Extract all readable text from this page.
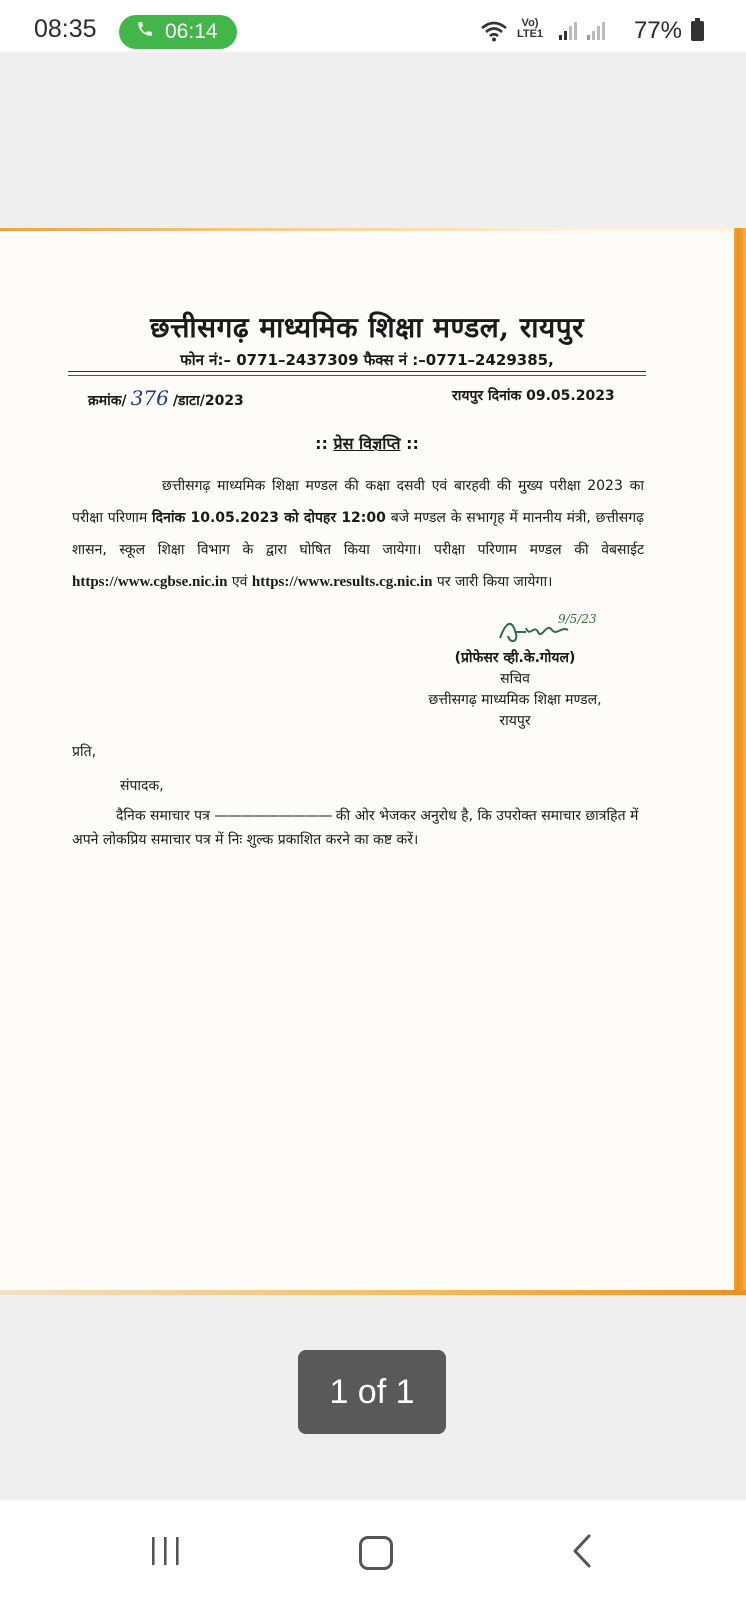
08:35	06:14	Vo) LTE1	77%
छत्तीसगढ़ माध्यमिक शिक्षा मण्डल, रायपुर
फोन नं:– 0771–2437309 फैक्स नं :–0771–2429385,
क्रमांक/ 376 /डाटा/2023	रायपुर दिनांक 09.05.2023
:: प्रेस विज्ञप्ति ::
छत्तीसगढ़ माध्यमिक शिक्षा मण्डल की कक्षा दसवी एवं बारहवी की मुख्य परीक्षा 2023 का परीक्षा परिणाम दिनांक 10.05.2023 को दोपहर 12:00 बजे मण्डल के सभागृह में माननीय मंत्री, छत्तीसगढ़ शासन, स्कूल शिक्षा विभाग के द्वारा घोषित किया जायेगा। परीक्षा परिणाम मण्डल की वेबसाईट https://www.cgbse.nic.in एवं https://www.results.cg.nic.in पर जारी किया जायेगा।
9/5/23
(प्रोफेसर व्ही.के.गोयल)
सचिव
छत्तीसगढ़ माध्यमिक शिक्षा मण्डल,
रायपुर
प्रति,
संपादक,
दैनिक समाचार पत्र ————————— की ओर भेजकर अनुरोध है, कि उपरोक्त समाचार छात्रहित में अपने लोकप्रिय समाचार पत्र में निः शुल्क प्रकाशित करने का कष्ट करें।
1 of 1
